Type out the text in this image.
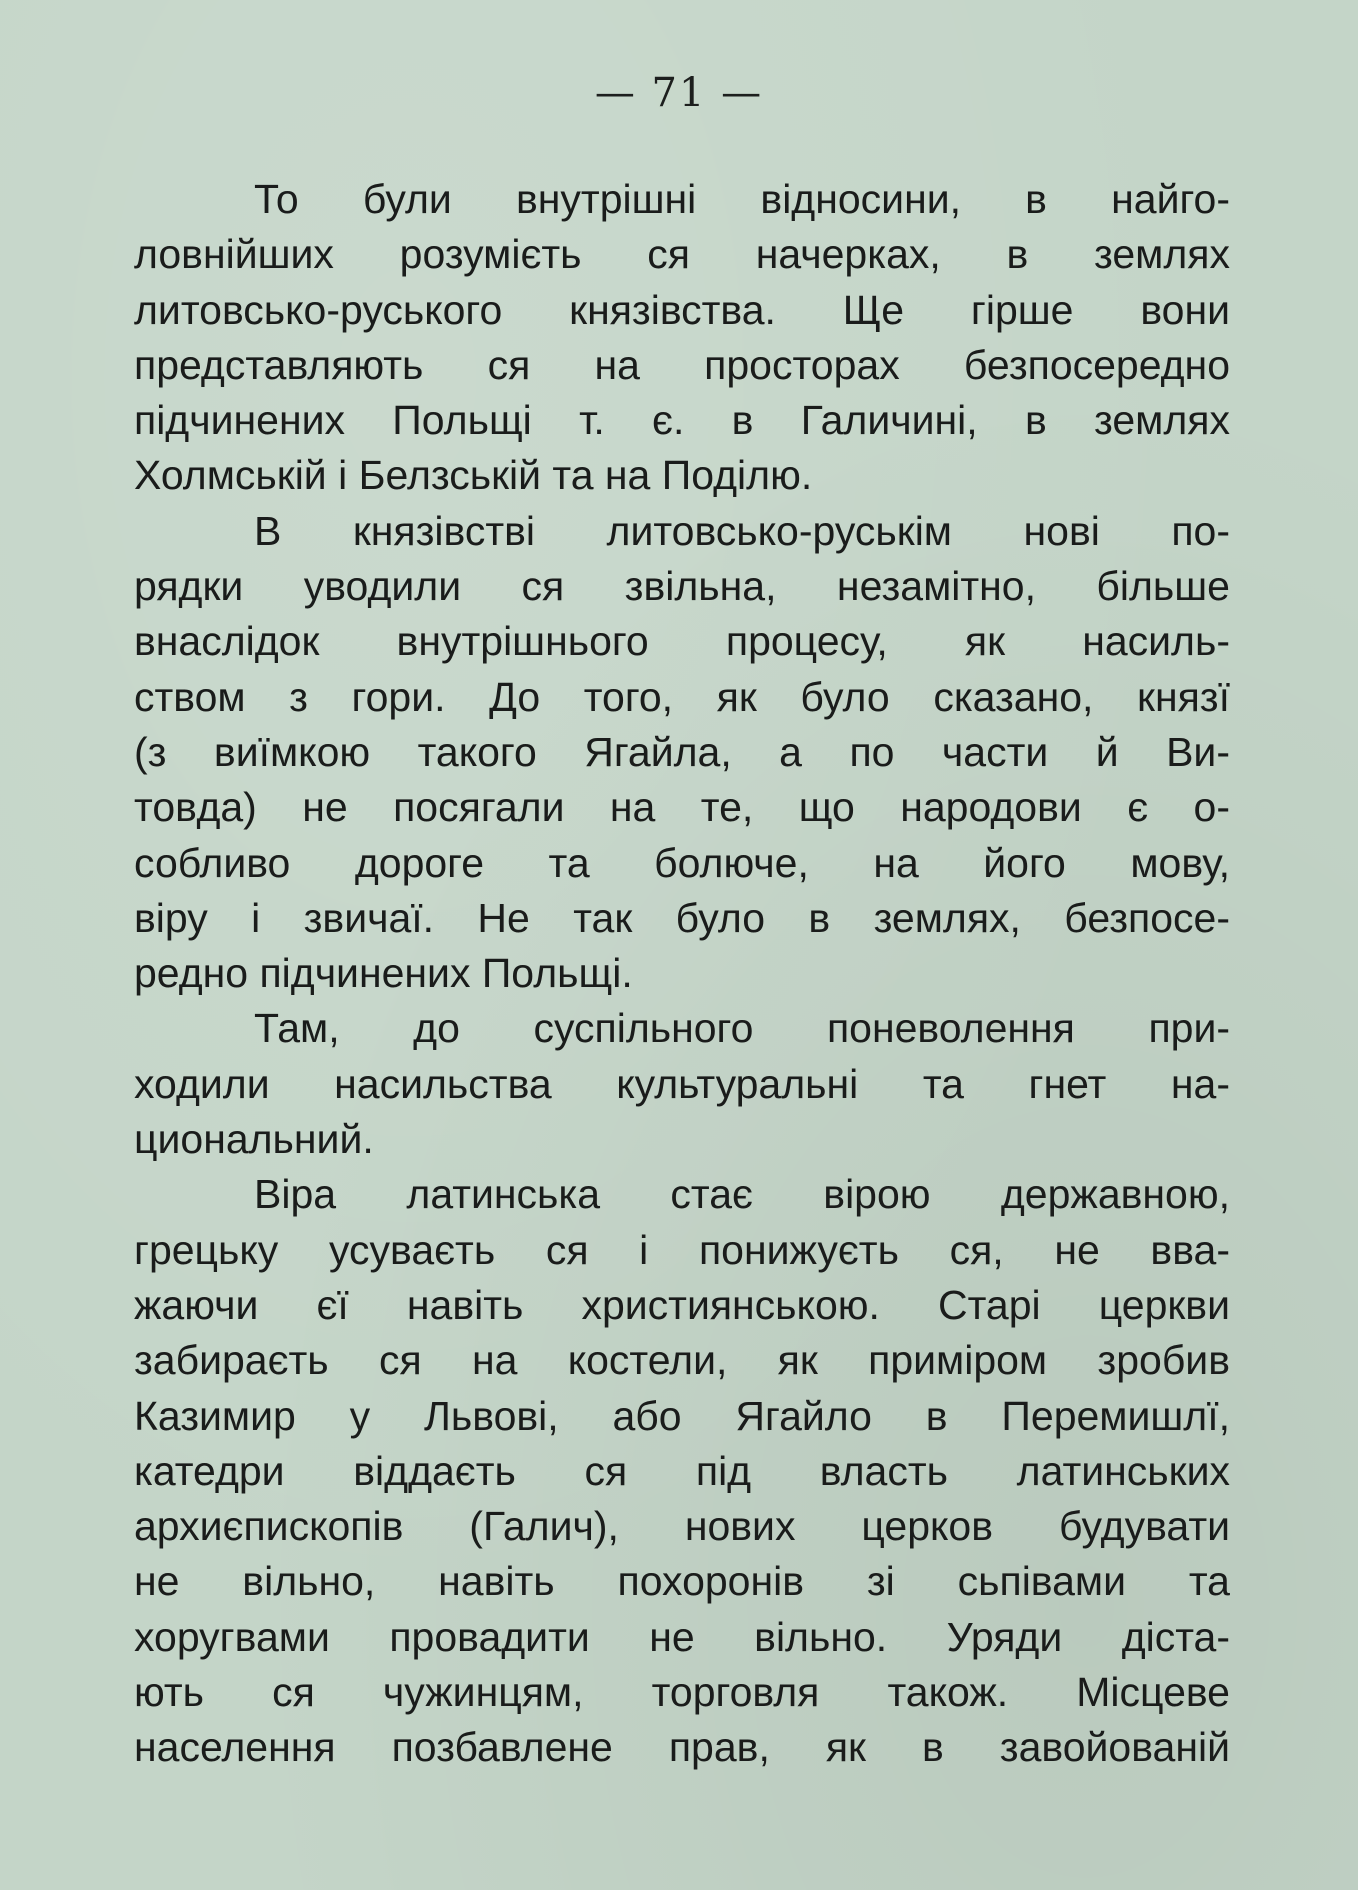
— 71 —
То були внутрішні відносини, в найго-
ловнійших розумієть ся начерках, в землях
литовсько-руського князівства. Ще гірше вони
представляють ся на просторах безпосередно
підчинених Польщі т. є. в Галичині, в землях
Холмській і Белзській та на Поділю.
В князівстві литовсько-руськім нові по-
рядки уводили ся звільна, незамітно, більше
внаслідок внутрішнього процесу, як насиль-
ством з гори. До того, як було сказано, князї
(з виїмкою такого Ягайла, а по части й Ви-
товда) не посягали на те, що народови є о-
собливо дороге та болюче, на його мову,
віру і звичаї. Не так було в землях, безпосе-
редно підчинених Польщі.
Там, до суспільного поневолення при-
ходили насильства культуральні та гнет на-
циональний.
Віра латинська стає вірою державною,
грецьку усуваєть ся і понижуєть ся, не вва-
жаючи єї навіть християнською. Старі церкви
забираєть ся на костели, як приміром зробив
Казимир у Львові, або Ягайло в Перемишлї,
катедри віддаєть ся під власть латинських
архиєпископів (Галич), нових церков будувати
не вільно, навіть похоронів зі сьпівами та
хоругвами провадити не вільно. Уряди діста-
ють ся чужинцям, торговля також. Місцеве
населення позбавлене прав, як в завойованій
